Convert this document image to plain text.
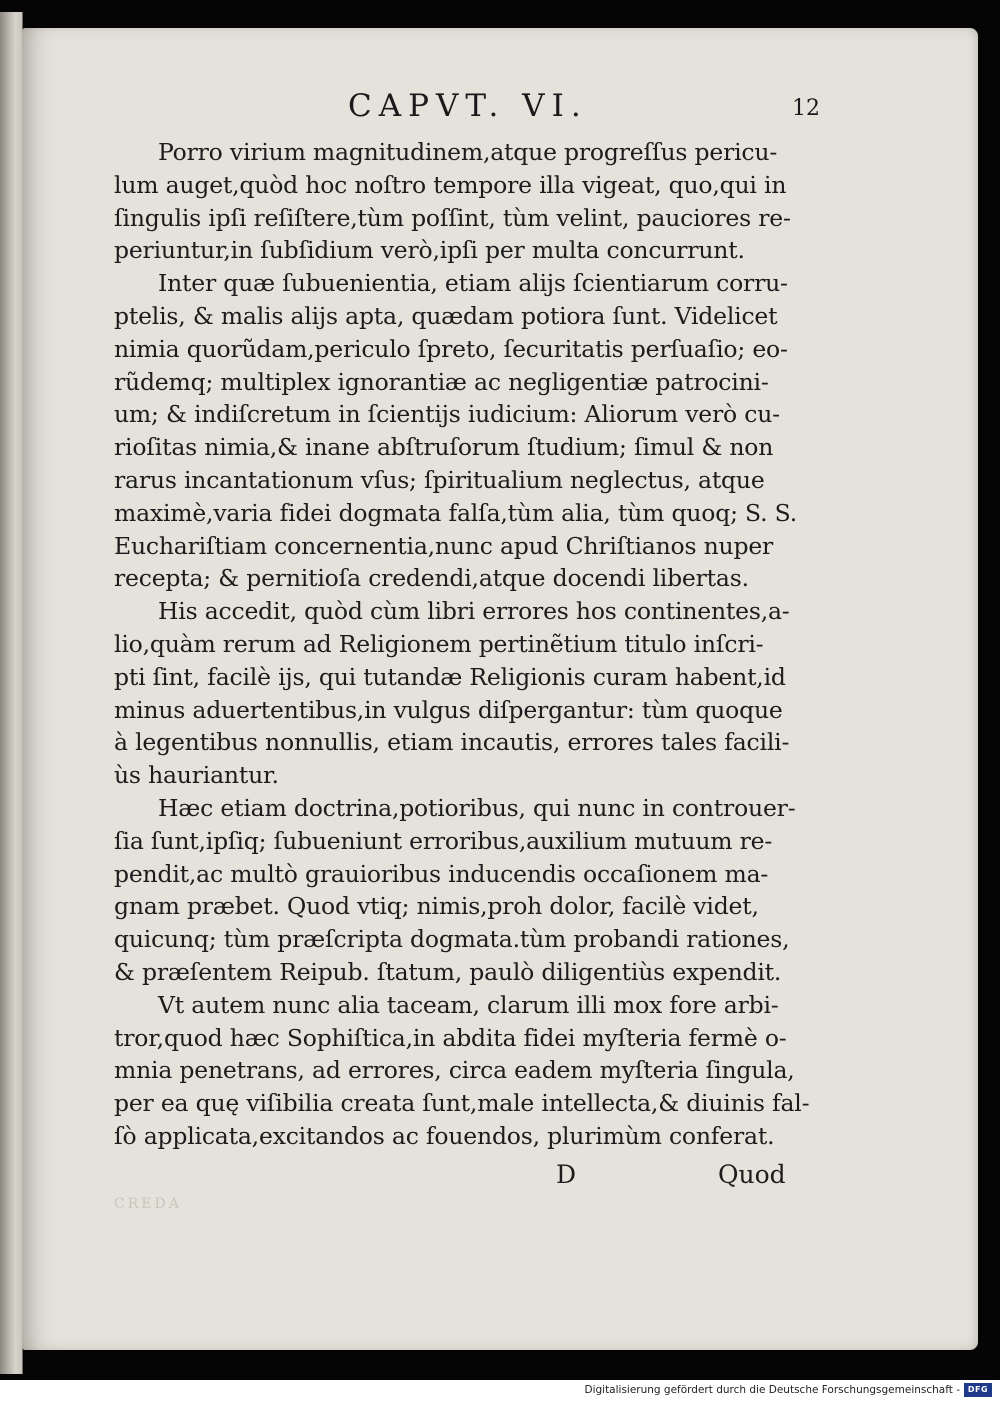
CAPVT. VI.	12
Porro virium magnitudinem,atque progreſſus pericu-
lum auget,quòd hoc noſtro tempore illa vigeat, quo,qui in
ſingulis ipſi reſiſtere,tùm poſſint, tùm velint, pauciores re-
periuntur,in ſubſidium verò,ipſi per multa concurrunt.
Inter quæ ſubuenientia, etiam alijs ſcientiarum corru-
ptelis, & malis alijs apta, quædam potiora ſunt. Videlicet
nimia quorũdam,periculo ſpreto, ſecuritatis perſuaſio; eo-
rũdemq; multiplex ignorantiæ ac negligentiæ patrocini-
um; & indiſcretum in ſcientijs iudicium: Aliorum verò cu-
rioſitas nimia,& inane abſtruſorum ſtudium; ſimul & non
rarus incantationum vſus; ſpiritualium neglectus, atque
maximè,varia fidei dogmata falſa,tùm alia, tùm quoq; S. S.
Euchariſtiam concernentia,nunc apud Chriſtianos nuper
recepta; & pernitioſa credendi,atque docendi libertas.
His accedit, quòd cùm libri errores hos continentes,a-
lio,quàm rerum ad Religionem pertinẽtium titulo inſcri-
pti ſint, facilè ijs, qui tutandæ Religionis curam habent,id
minus aduertentibus,in vulgus diſpergantur: tùm quoque
à legentibus nonnullis, etiam incautis, errores tales facili-
ùs hauriantur.
Hæc etiam doctrina,potioribus, qui nunc in controuer-
ſia ſunt,ipſiq; ſubueniunt erroribus,auxilium mutuum re-
pendit,ac multò grauioribus inducendis occaſionem ma-
gnam præbet. Quod vtiq; nimis,proh dolor, facilè videt,
quicunq; tùm præſcripta dogmata.tùm probandi rationes,
& præſentem Reipub. ſtatum, paulò diligentiùs expendit.
Vt autem nunc alia taceam, clarum illi mox fore arbi-
tror,quod hæc Sophiſtica,in abdita fidei myſteria fermè o-
mnia penetrans, ad errores, circa eadem myſteria ſingula,
per ea quę viſibilia creata ſunt,male intellecta,& diuinis fal-
ſò applicata,excitandos ac fouendos, plurimùm conferat.
D	Quod
CREDA
Digitalisierung gefördert durch die Deutsche Forschungsgemeinschaft - DFG
